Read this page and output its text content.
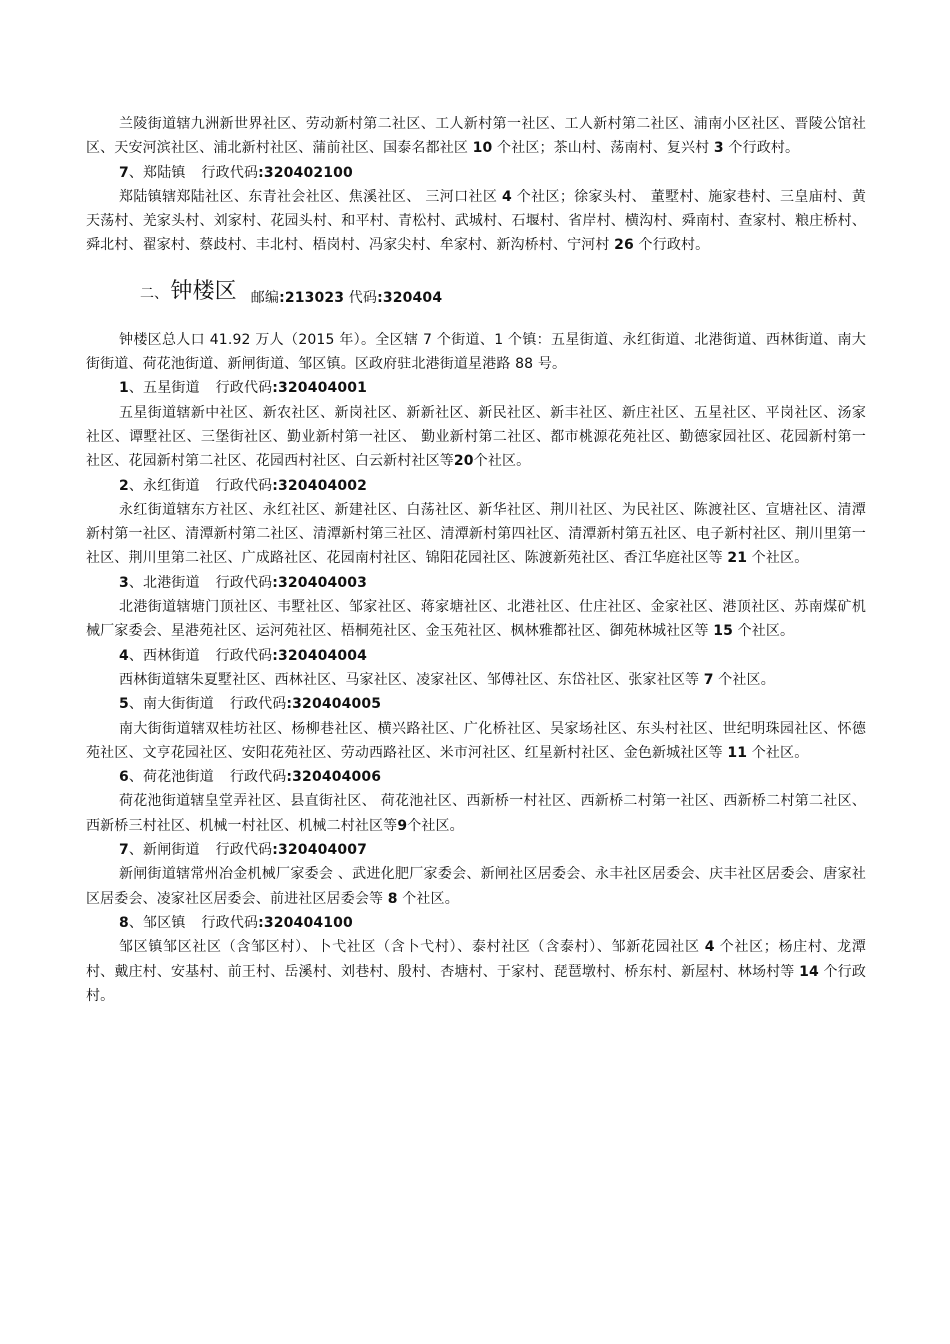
兰陵街道辖九洲新世界社区、劳动新村第二社区、工人新村第一社区、工人新村第二社区、浦南小区社区、晋陵公馆社区、天安河滨社区、浦北新村社区、蒲前社区、国泰名都社区 10 个社区；茶山村、荡南村、复兴村 3 个行政村。

7、郑陆镇 行政代码:320402100

郑陆镇辖郑陆社区、东青社会社区、焦溪社区、 三河口社区 4 个社区；徐家头村、 董墅村、施家巷村、三皇庙村、黄天荡村、羌家头村、刘家村、花园头村、和平村、青松村、武城村、石堰村、省岸村、横沟村、舜南村、查家村、粮庄桥村、舜北村、翟家村、蔡歧村、丰北村、梧岗村、冯家尖村、牟家村、新沟桥村、宁河村 26 个行政村。

二、钟楼区 邮编:213023 代码:320404

钟楼区总人口 41.92 万人（2015 年）。全区辖 7 个街道、1 个镇：五星街道、永红街道、北港街道、西林街道、南大街街道、荷花池街道、新闸街道、邹区镇。区政府驻北港街道星港路 88 号。

1、五星街道 行政代码:320404001

五星街道辖新中社区、新农社区、新岗社区、新新社区、新民社区、新丰社区、新庄社区、五星社区、平岗社区、汤家社区、谭墅社区、三堡街社区、勤业新村第一社区、 勤业新村第二社区、都市桃源花苑社区、勤德家园社区、花园新村第一社区、花园新村第二社区、花园西村社区、白云新村社区等20个社区。

2、永红街道 行政代码:320404002

永红街道辖东方社区、永红社区、新建社区、白荡社区、新华社区、荆川社区、为民社区、陈渡社区、宣塘社区、清潭新村第一社区、清潭新村第二社区、清潭新村第三社区、清潭新村第四社区、清潭新村第五社区、电子新村社区、荆川里第一社区、荆川里第二社区、广成路社区、花园南村社区、锦阳花园社区、陈渡新苑社区、香江华庭社区等 21 个社区。

3、北港街道 行政代码:320404003

北港街道辖塘门顶社区、韦墅社区、邹家社区、蒋家塘社区、北港社区、仕庄社区、金家社区、港顶社区、苏南煤矿机械厂家委会、星港苑社区、运河苑社区、梧桐苑社区、金玉苑社区、枫林雅都社区、御苑林城社区等 15 个社区。

4、西林街道 行政代码:320404004

西林街道辖朱夏墅社区、西林社区、马家社区、凌家社区、邹傅社区、东岱社区、张家社区等 7 个社区。

5、南大街街道 行政代码:320404005

南大街街道辖双桂坊社区、杨柳巷社区、横兴路社区、广化桥社区、吴家场社区、东头村社区、世纪明珠园社区、怀德苑社区、文亨花园社区、安阳花苑社区、劳动西路社区、米市河社区、红星新村社区、金色新城社区等 11 个社区。

6、荷花池街道 行政代码:320404006

荷花池街道辖皇堂弄社区、县直街社区、 荷花池社区、西新桥一村社区、西新桥二村第一社区、西新桥二村第二社区、西新桥三村社区、机械一村社区、机械二村社区等9个社区。

7、新闸街道 行政代码:320404007

新闸街道辖常州冶金机械厂家委会 、武进化肥厂家委会、新闸社区居委会、永丰社区居委会、庆丰社区居委会、唐家社区居委会、凌家社区居委会、前进社区居委会等 8 个社区。

8、邹区镇 行政代码:320404100

邹区镇邹区社区（含邹区村）、卜弋社区（含卜弋村）、泰村社区（含泰村）、邹新花园社区 4 个社区；杨庄村、龙潭村、戴庄村、安基村、前王村、岳溪村、刘巷村、殷村、杏塘村、于家村、琵琶墩村、桥东村、新屋村、林场村等 14 个行政村。
